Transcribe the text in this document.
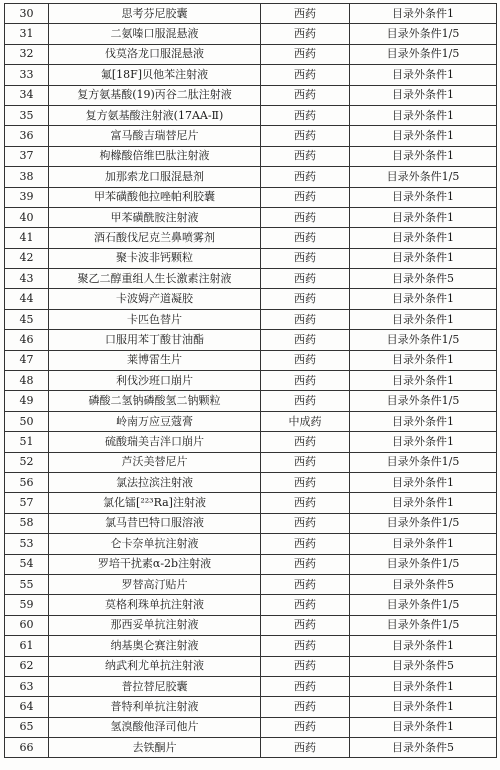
30	思考芬尼胶囊	西药	目录外条件1
31	二氨嗪口服混悬液	西药	目录外条件1/5
32	伐莫洛龙口服混悬液	西药	目录外条件1/5
33	氟[18F]贝他苯注射液	西药	目录外条件1
34	复方氨基酸(19)丙谷二肽注射液	西药	目录外条件1
35	复方氨基酸注射液(17AA-Ⅱ)	西药	目录外条件1
36	富马酸吉瑞替尼片	西药	目录外条件1
37	枸橼酸倍维巴肽注射液	西药	目录外条件1
38	加那索龙口服混悬剂	西药	目录外条件1/5
39	甲苯磺酸他拉唑帕利胶囊	西药	目录外条件1
40	甲苯磺酰胺注射液	西药	目录外条件1
41	酒石酸伐尼克兰鼻喷雾剂	西药	目录外条件1
42	聚卡波非钙颗粒	西药	目录外条件1
43	聚乙二醇重组人生长激素注射液	西药	目录外条件5
44	卡波姆产道凝胶	西药	目录外条件1
45	卡匹色替片	西药	目录外条件1
46	口服用苯丁酸甘油酯	西药	目录外条件1/5
47	莱博雷生片	西药	目录外条件1
48	利伐沙班口崩片	西药	目录外条件1
49	磷酸二氢钠磷酸氢二钠颗粒	西药	目录外条件1/5
50	岭南万应豆蔻膏	中成药	目录外条件1
51	硫酸瑞美吉泮口崩片	西药	目录外条件1
52	芦沃美替尼片	西药	目录外条件1/5
56	氯法拉滨注射液	西药	目录外条件1
57	氯化镭[²²³Ra]注射液	西药	目录外条件1
58	氯马昔巴特口服溶液	西药	目录外条件1/5
53	仑卡奈单抗注射液	西药	目录外条件1
54	罗培干扰素α-2b注射液	西药	目录外条件1/5
55	罗替高汀贴片	西药	目录外条件5
59	莫格利珠单抗注射液	西药	目录外条件1/5
60	那西妥单抗注射液	西药	目录外条件1/5
61	纳基奥仑赛注射液	西药	目录外条件1
62	纳武利尤单抗注射液	西药	目录外条件5
63	普拉替尼胶囊	西药	目录外条件1
64	普特利单抗注射液	西药	目录外条件1
65	氢溴酸他泽司他片	西药	目录外条件1
66	去铁酮片	西药	目录外条件5
